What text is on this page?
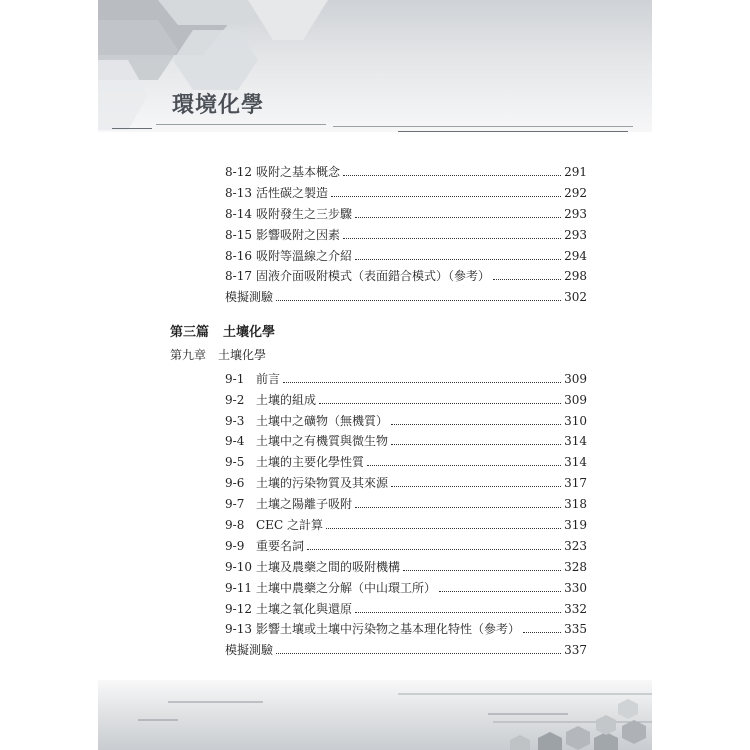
環境化學
8-12 吸附之基本概念	291
8-13 活性碳之製造	292
8-14 吸附發生之三步驟	293
8-15 影響吸附之因素	293
8-16 吸附等溫線之介紹	294
8-17 固液介面吸附模式（表面錯合模式）（參考）	298
模擬測驗	302
第三篇 土壤化學
第九章 土壤化學
9-1 前言	309
9-2 土壤的組成	309
9-3 土壤中之礦物（無機質）	310
9-4 土壤中之有機質與微生物	314
9-5 土壤的主要化學性質	314
9-6 土壤的污染物質及其來源	317
9-7 土壤之陽離子吸附	318
9-8 CEC 之計算	319
9-9 重要名詞	323
9-10 土壤及農藥之間的吸附機構	328
9-11 土壤中農藥之分解（中山環工所）	330
9-12 土壤之氧化與還原	332
9-13 影響土壤或土壤中污染物之基本理化特性（參考）	335
模擬測驗	337
